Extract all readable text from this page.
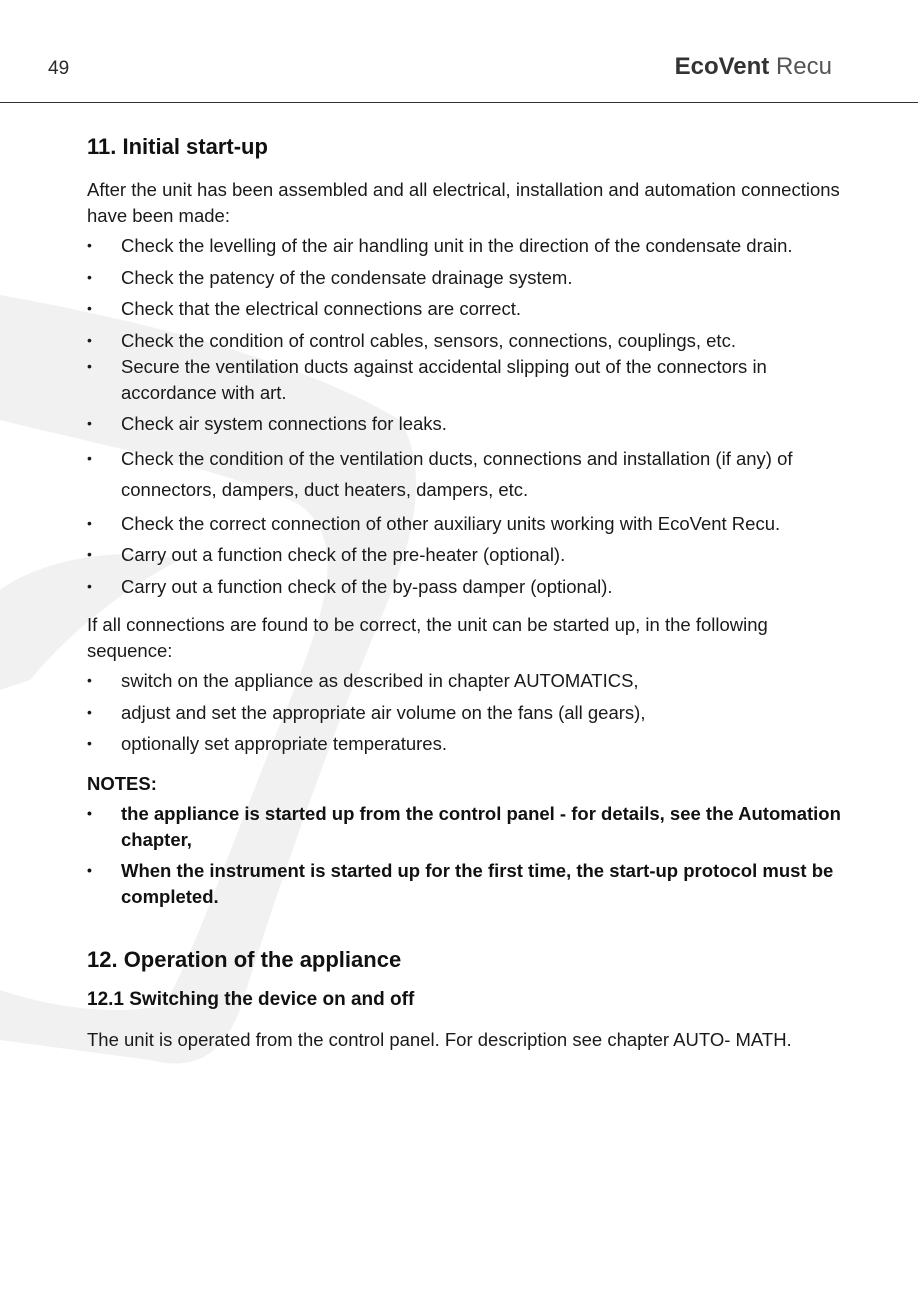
49	EcoVent Recu
11. Initial start-up

After the unit has been assembled and all electrical, installation and automation connections have been made:

• Check the levelling of the air handling unit in the direction of the condensate drain.
• Check the patency of the condensate drainage system.
• Check that the electrical connections are correct.
• Check the condition of control cables, sensors, connections, couplings, etc.
• Secure the ventilation ducts against accidental slipping out of the connectors in accordance with art.
• Check air system connections for leaks.
• Check the condition of the ventilation ducts, connections and installation (if any) of connectors, dampers, duct heaters, dampers, etc.
• Check the correct connection of other auxiliary units working with EcoVent Recu.
• Carry out a function check of the pre-heater (optional).
• Carry out a function check of the by-pass damper (optional).

If all connections are found to be correct, the unit can be started up, in the following sequence:

• switch on the appliance as described in chapter AUTOMATICS,
• adjust and set the appropriate air volume on the fans (all gears),
• optionally set appropriate temperatures.

NOTES:

• the appliance is started up from the control panel - for details, see the Automation chapter,
• When the instrument is started up for the first time, the start-up protocol must be completed.
12. Operation of the appliance
12.1 Switching the device on and off

The unit is operated from the control panel. For description see chapter AUTO- MATH.
